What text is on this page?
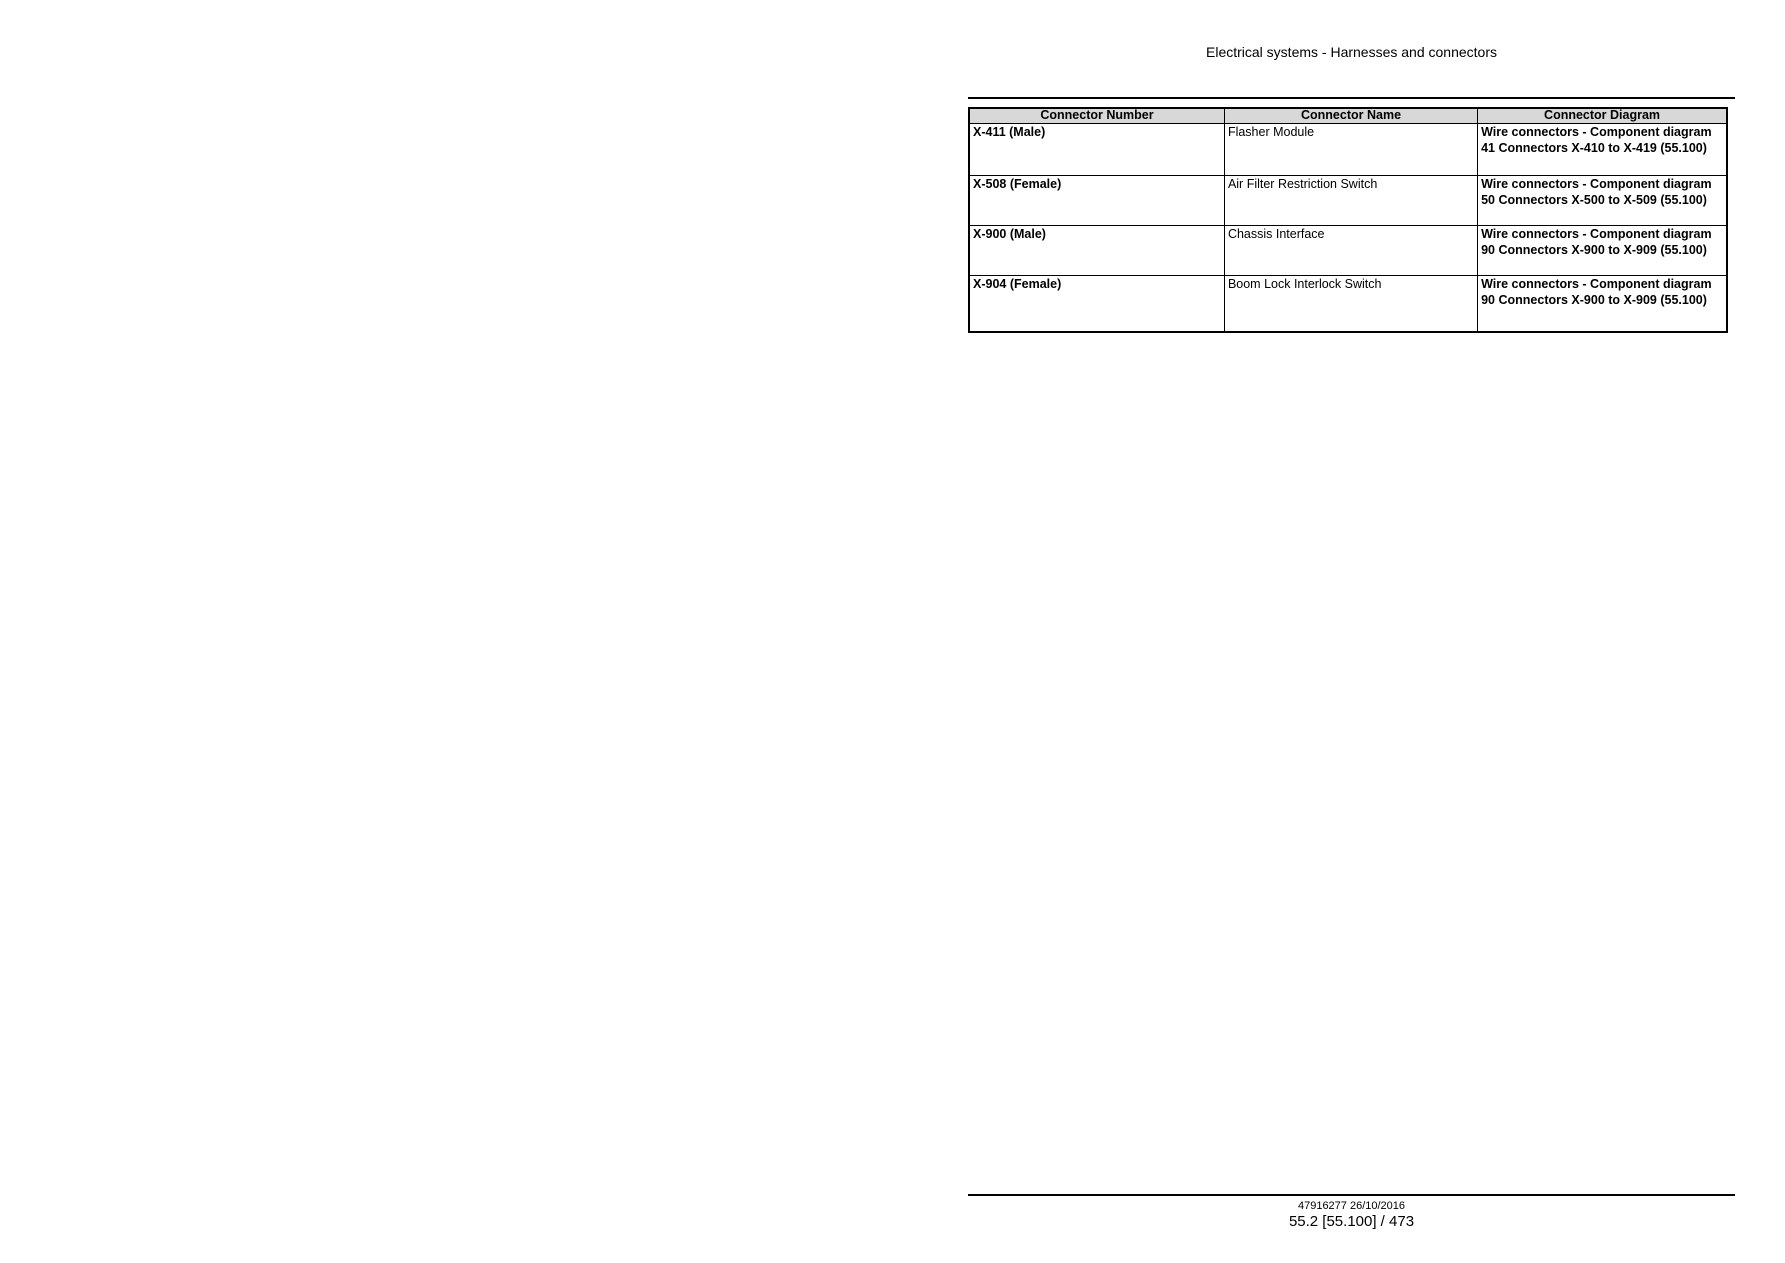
Electrical systems - Harnesses and connectors
Connector Number	Connector Name	Connector Diagram
X-411 (Male)	Flasher Module	Wire connectors - Component diagram 41 Connectors X-410 to X-419 (55.100)
X-508 (Female)	Air Filter Restriction Switch	Wire connectors - Component diagram 50 Connectors X-500 to X-509 (55.100)
X-900 (Male)	Chassis Interface	Wire connectors - Component diagram 90 Connectors X-900 to X-909 (55.100)
X-904 (Female)	Boom Lock Interlock Switch	Wire connectors - Component diagram 90 Connectors X-900 to X-909 (55.100)
47916277 26/10/2016
55.2 [55.100] / 473
